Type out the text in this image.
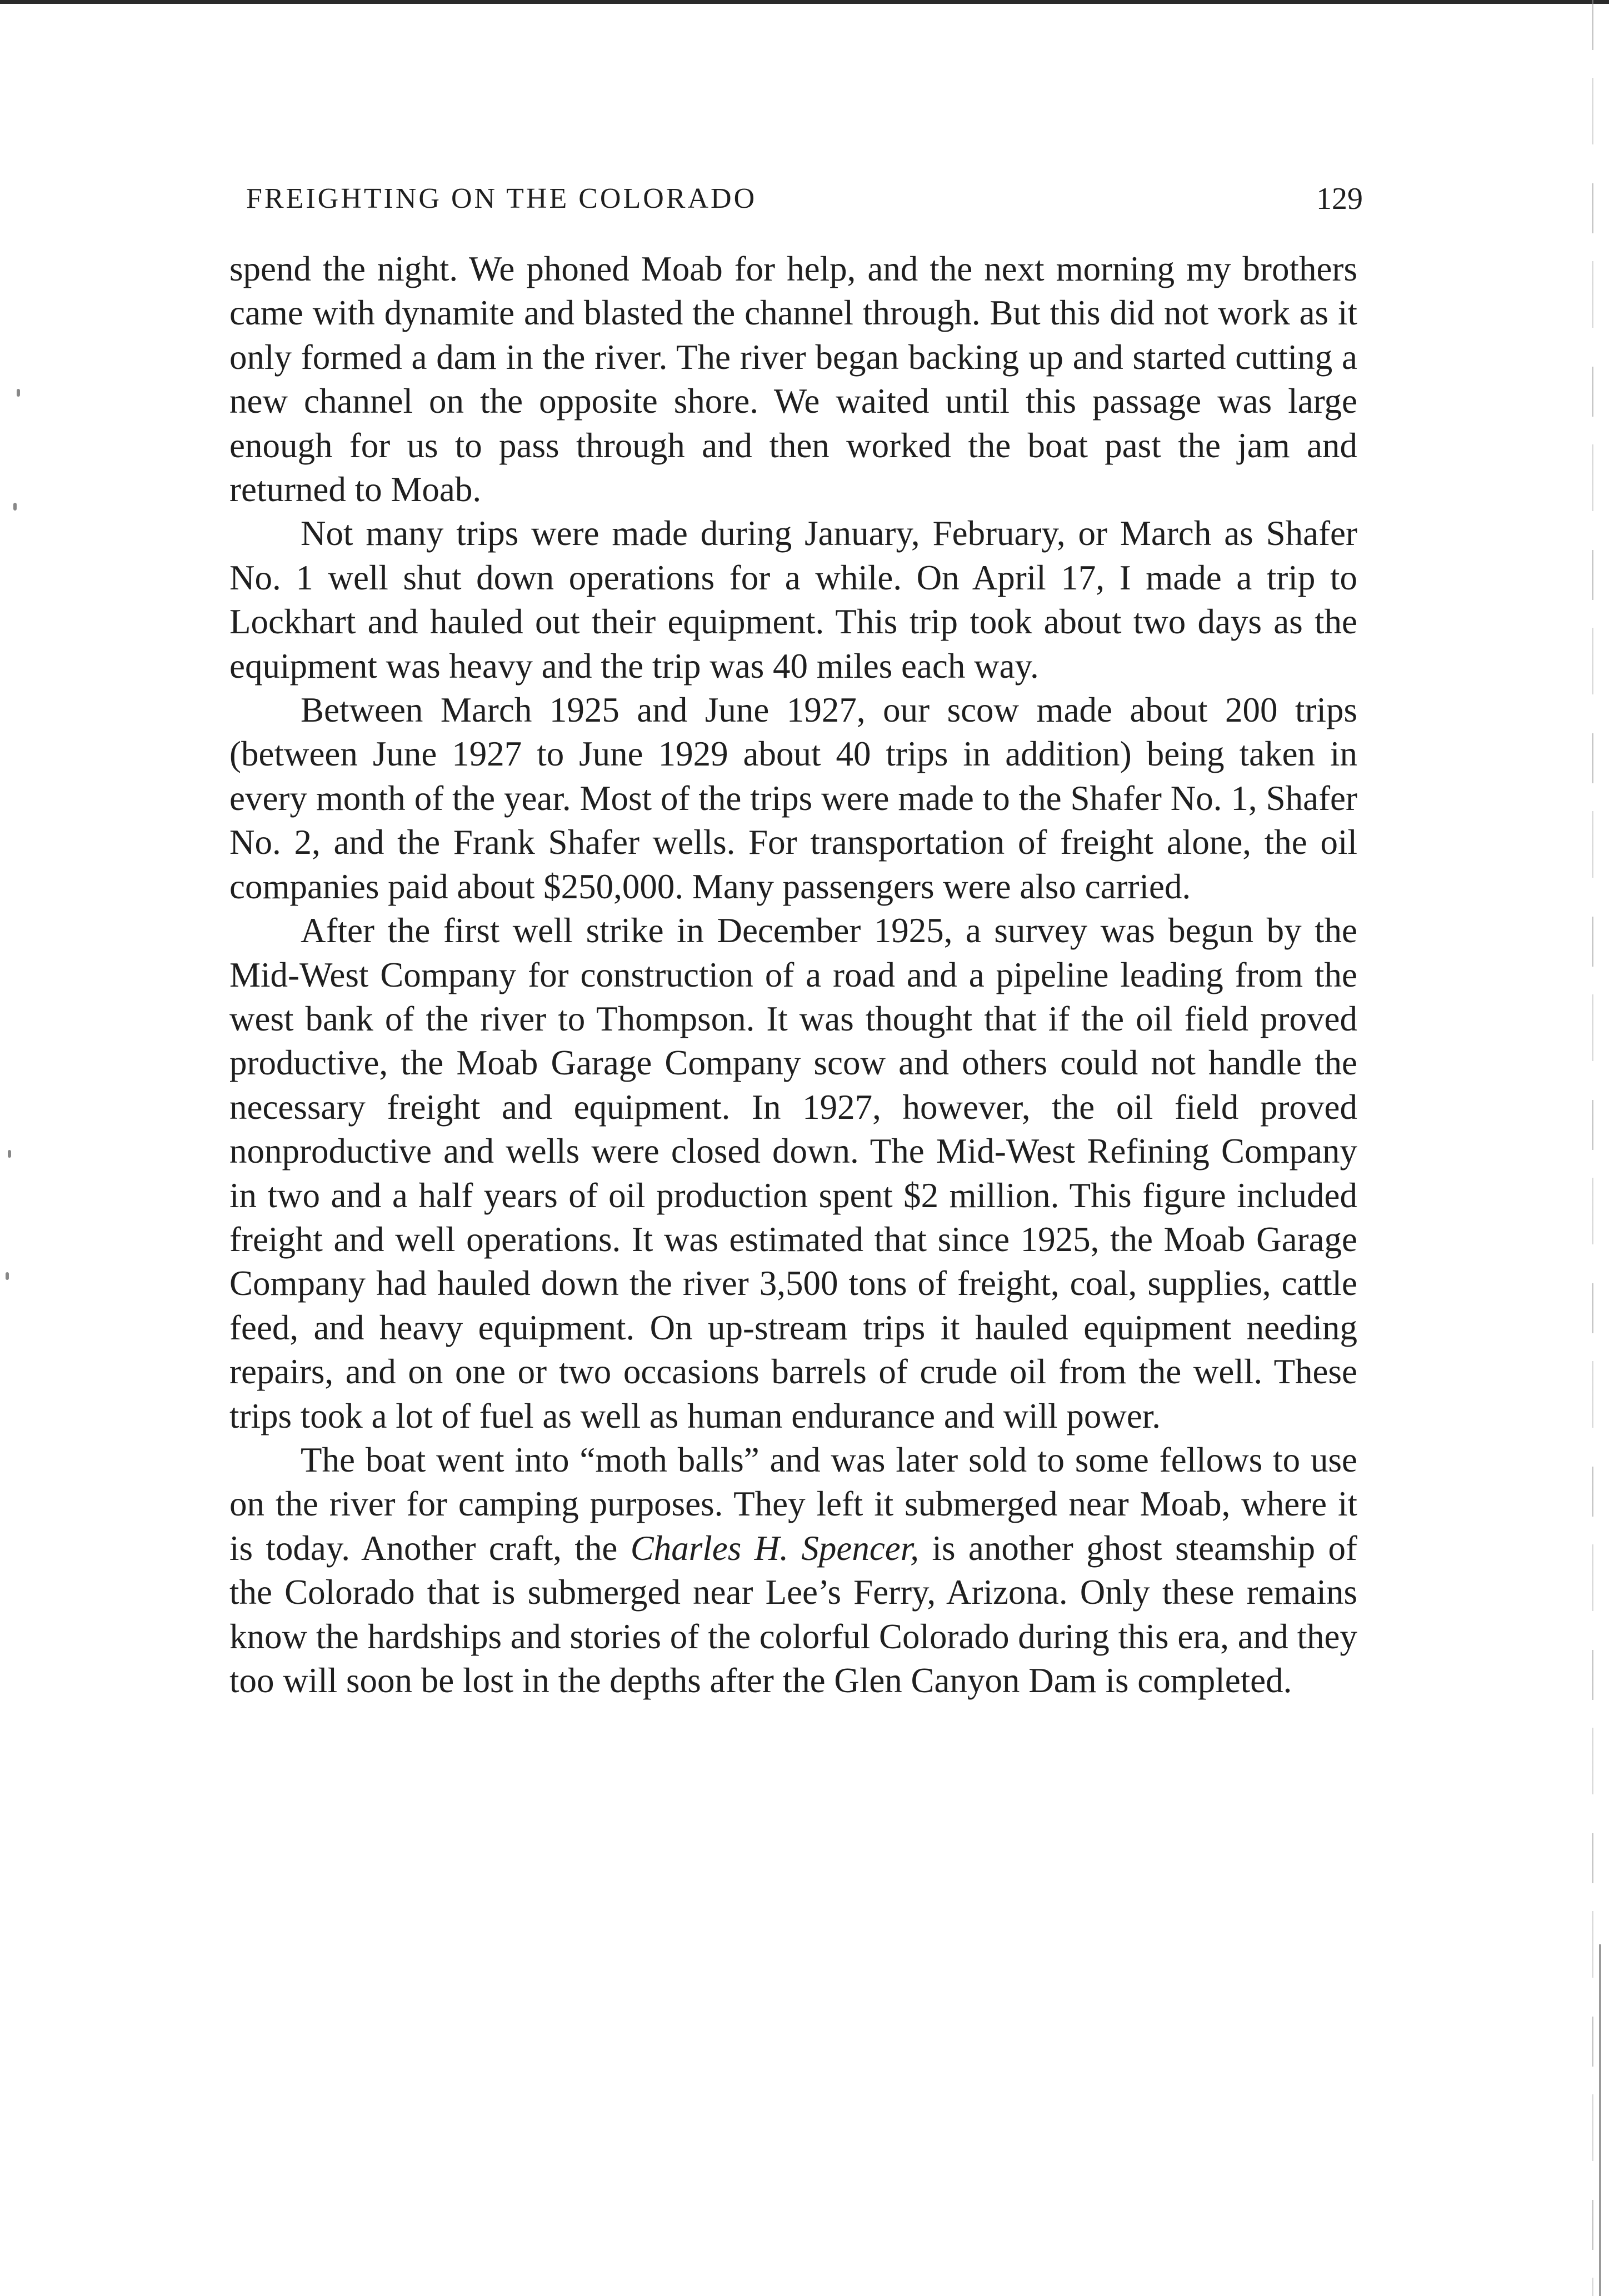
FREIGHTING ON THE COLORADO	129

spend the night. We phoned Moab for help, and the next morning my brothers came with dynamite and blasted the channel through. But this did not work as it only formed a dam in the river. The river began backing up and started cutting a new channel on the opposite shore. We waited until this passage was large enough for us to pass through and then worked the boat past the jam and returned to Moab.

Not many trips were made during January, February, or March as Shafer No. 1 well shut down operations for a while. On April 17, I made a trip to Lockhart and hauled out their equipment. This trip took about two days as the equipment was heavy and the trip was 40 miles each way.

Between March 1925 and June 1927, our scow made about 200 trips (between June 1927 to June 1929 about 40 trips in addition) being taken in every month of the year. Most of the trips were made to the Shafer No. 1, Shafer No. 2, and the Frank Shafer wells. For transportation of freight alone, the oil companies paid about $250,000. Many passengers were also carried.

After the first well strike in December 1925, a survey was begun by the Mid-West Company for construction of a road and a pipeline leading from the west bank of the river to Thompson. It was thought that if the oil field proved productive, the Moab Garage Company scow and others could not handle the necessary freight and equipment. In 1927, however, the oil field proved nonproductive and wells were closed down. The Mid-West Refining Company in two and a half years of oil production spent $2 million. This figure included freight and well operations. It was estimated that since 1925, the Moab Garage Company had hauled down the river 3,500 tons of freight, coal, supplies, cattle feed, and heavy equipment. On up-stream trips it hauled equipment needing repairs, and on one or two occasions barrels of crude oil from the well. These trips took a lot of fuel as well as human endurance and will power.

The boat went into “moth balls” and was later sold to some fellows to use on the river for camping purposes. They left it submerged near Moab, where it is today. Another craft, the Charles H. Spencer, is another ghost steamship of the Colorado that is submerged near Lee’s Ferry, Arizona. Only these remains know the hardships and stories of the colorful Colorado during this era, and they too will soon be lost in the depths after the Glen Canyon Dam is completed.
